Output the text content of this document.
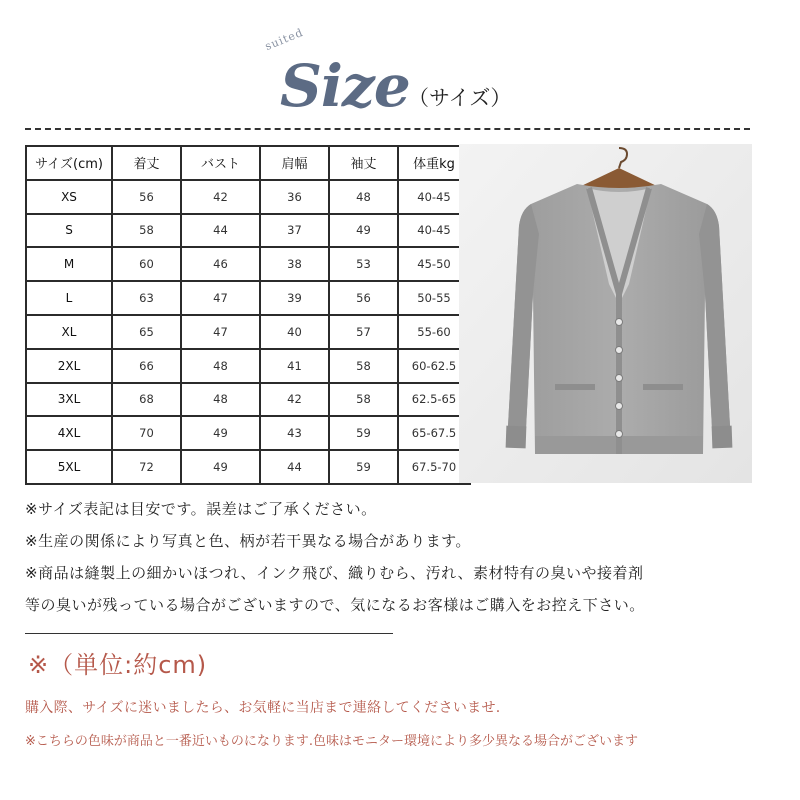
suited
Size
（サイズ）
サイズ(cm)	着丈	バスト	肩幅	袖丈	体重kg
XS	56	42	36	48	40-45
S	58	44	37	49	40-45
M	60	46	38	53	45-50
L	63	47	39	56	50-55
XL	65	47	40	57	55-60
2XL	66	48	41	58	60-62.5
3XL	68	48	42	58	62.5-65
4XL	70	49	43	59	65-67.5
5XL	72	49	44	59	67.5-70
※サイズ表記は目安です。誤差はご了承ください。
※生産の関係により写真と色、柄が若干異なる場合があります。
※商品は縫製上の細かいほつれ、インク飛び、織りむら、汚れ、素材特有の臭いや接着剤
等の臭いが残っている場合がございますので、気になるお客様はご購入をお控え下さい。
※（単位:約cm)
購入際、サイズに迷いましたら、お気軽に当店まで連絡してくださいませ.
※こちらの色味が商品と一番近いものになります.色味はモニター環境により多少異なる場合がございます
